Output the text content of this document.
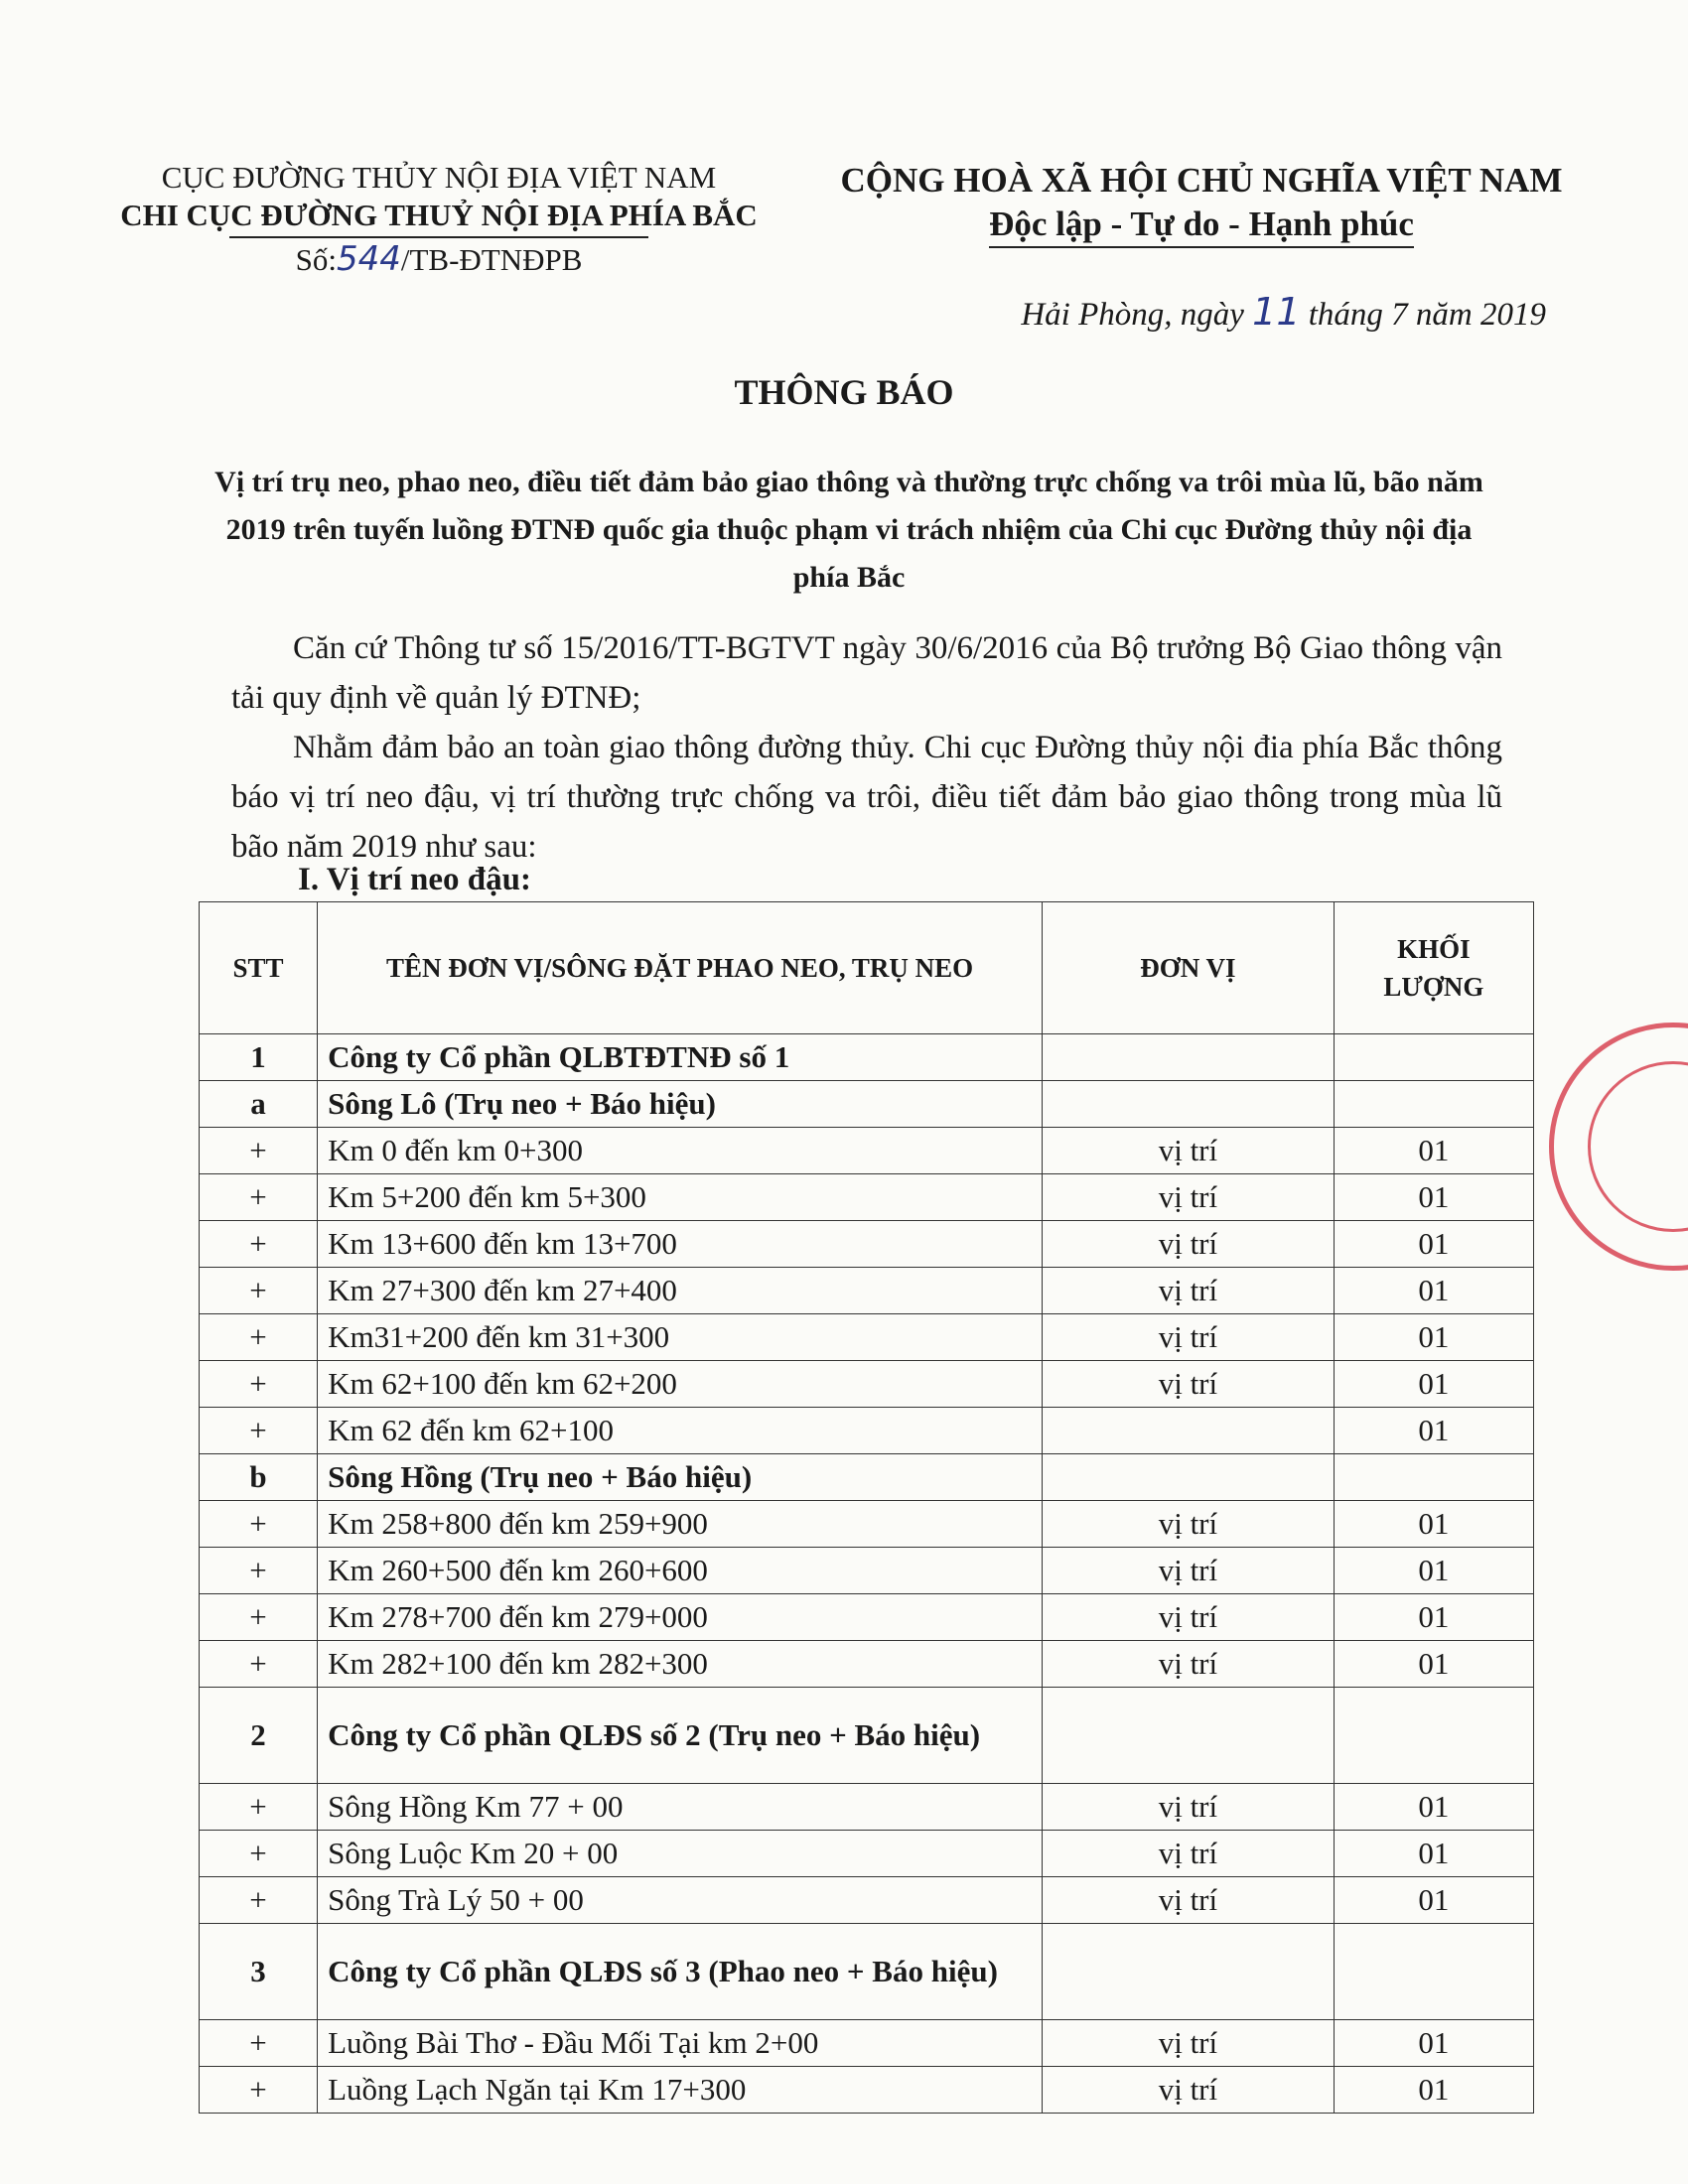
CỤC ĐƯỜNG THỦY NỘI ĐỊA VIỆT NAM
CHI CỤC ĐƯỜNG THUỶ NỘI ĐỊA PHÍA BẮC
Số:544/TB-ĐTNĐPB
CỘNG HOÀ XÃ HỘI CHỦ NGHĨA VIỆT NAM
Độc lập - Tự do - Hạnh phúc
Hải Phòng, ngày 11 tháng 7 năm 2019
THÔNG BÁO
Vị trí trụ neo, phao neo, điều tiết đảm bảo giao thông và thường trực chống va trôi mùa lũ, bão năm 2019 trên tuyến luồng ĐTNĐ quốc gia thuộc phạm vi trách nhiệm của Chi cục Đường thủy nội địa phía Bắc
Căn cứ Thông tư số 15/2016/TT-BGTVT ngày 30/6/2016 của Bộ trưởng Bộ Giao thông vận tải quy định về quản lý ĐTNĐ;
Nhằm đảm bảo an toàn giao thông đường thủy. Chi cục Đường thủy nội đia phía Bắc thông báo vị trí neo đậu, vị trí thường trực chống va trôi, điều tiết đảm bảo giao thông trong mùa lũ bão năm 2019 như sau:
I. Vị trí neo đậu:
STT	TÊN ĐƠN VỊ/SÔNG ĐẶT PHAO NEO, TRỤ NEO	ĐƠN VỊ	KHỐI LƯỢNG
1	Công ty Cổ phần QLBTĐTNĐ số 1		
a	Sông Lô (Trụ neo + Báo hiệu)		
+	Km 0 đến km 0+300	vị trí	01
+	Km 5+200 đến km 5+300	vị trí	01
+	Km 13+600 đến km 13+700	vị trí	01
+	Km 27+300 đến km 27+400	vị trí	01
+	Km31+200 đến km 31+300	vị trí	01
+	Km 62+100 đến km 62+200	vị trí	01
+	Km 62 đến km 62+100		01
b	Sông Hồng (Trụ neo + Báo hiệu)		
+	Km 258+800 đến km 259+900	vị trí	01
+	Km 260+500 đến km 260+600	vị trí	01
+	Km 278+700 đến km 279+000	vị trí	01
+	Km 282+100 đến km 282+300	vị trí	01
2	Công ty Cổ phần QLĐS số 2 (Trụ neo + Báo hiệu)		
+	Sông Hồng Km 77 + 00	vị trí	01
+	Sông Luộc Km 20 + 00	vị trí	01
+	Sông Trà Lý 50 + 00	vị trí	01
3	Công ty Cổ phần QLĐS số 3 (Phao neo + Báo hiệu)		
+	Luồng Bài Thơ - Đầu Mối Tại km 2+00	vị trí	01
+	Luồng Lạch Ngăn tại Km 17+300	vị trí	01
